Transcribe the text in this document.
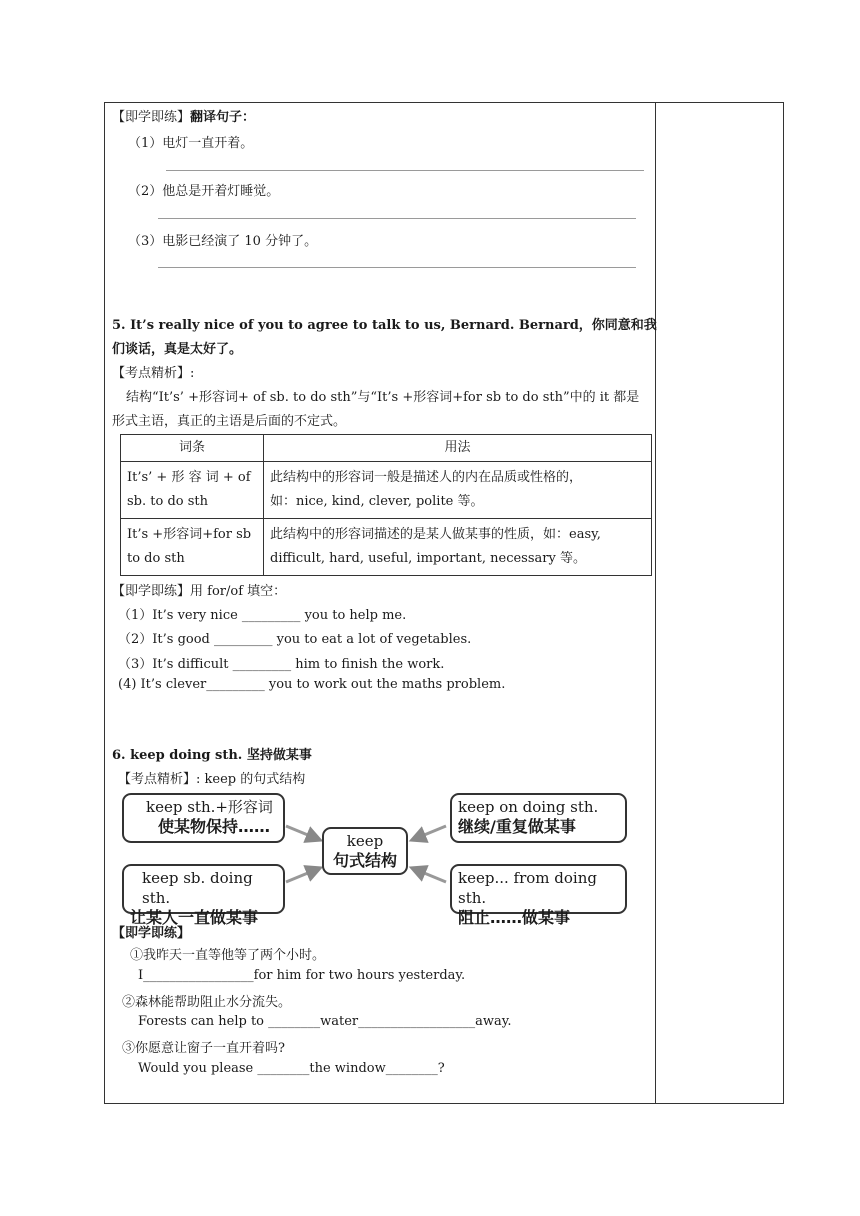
【即学即练】翻译句子：
（1）电灯一直开着。
（2）他总是开着灯睡觉。
（3）电影已经演了 10 分钟了。
5. It’s really nice of you to agree to talk to us, Bernard. Bernard，你同意和我
们谈话，真是太好了。
【考点精析】:
结构“It’s’ +形容词+ of sb. to do sth”与“It’s +形容词+for sb to do sth”中的 it 都是
形式主语，真正的主语是后面的不定式。
词条	用法
It’s’ + 形 容 词 + of
sb. to do sth	此结构中的形容词一般是描述人的内在品质或性格的，
如：nice, kind, clever, polite 等。
It’s +形容词+for sb
to do sth	此结构中的形容词描述的是某人做某事的性质，如：easy,
difficult, hard, useful, important, necessary 等。
【即学即练】用 for/of 填空：
（1）It’s very nice _________ you to help me.
（2）It’s good _________ you to eat a lot of vegetables.
（3）It’s difficult _________ him to finish the work.
(4) It’s clever_________ you to work out the maths problem.
6. keep doing sth. 坚持做某事
【考点精析】: keep 的句式结构
keep sth.+形容词
使某物保持……
keep sb. doing sth.
让某人一直做某事
keep
句式结构
keep on doing sth.
继续/重复做某事
keep... from doing sth.
阻止……做某事
【即学即练】
①我昨天一直等他等了两个小时。
I_________________for him for two hours yesterday.
②森林能帮助阻止水分流失。
Forests can help to ________water__________________away.
③你愿意让窗子一直开着吗?
Would you please ________the window________?
